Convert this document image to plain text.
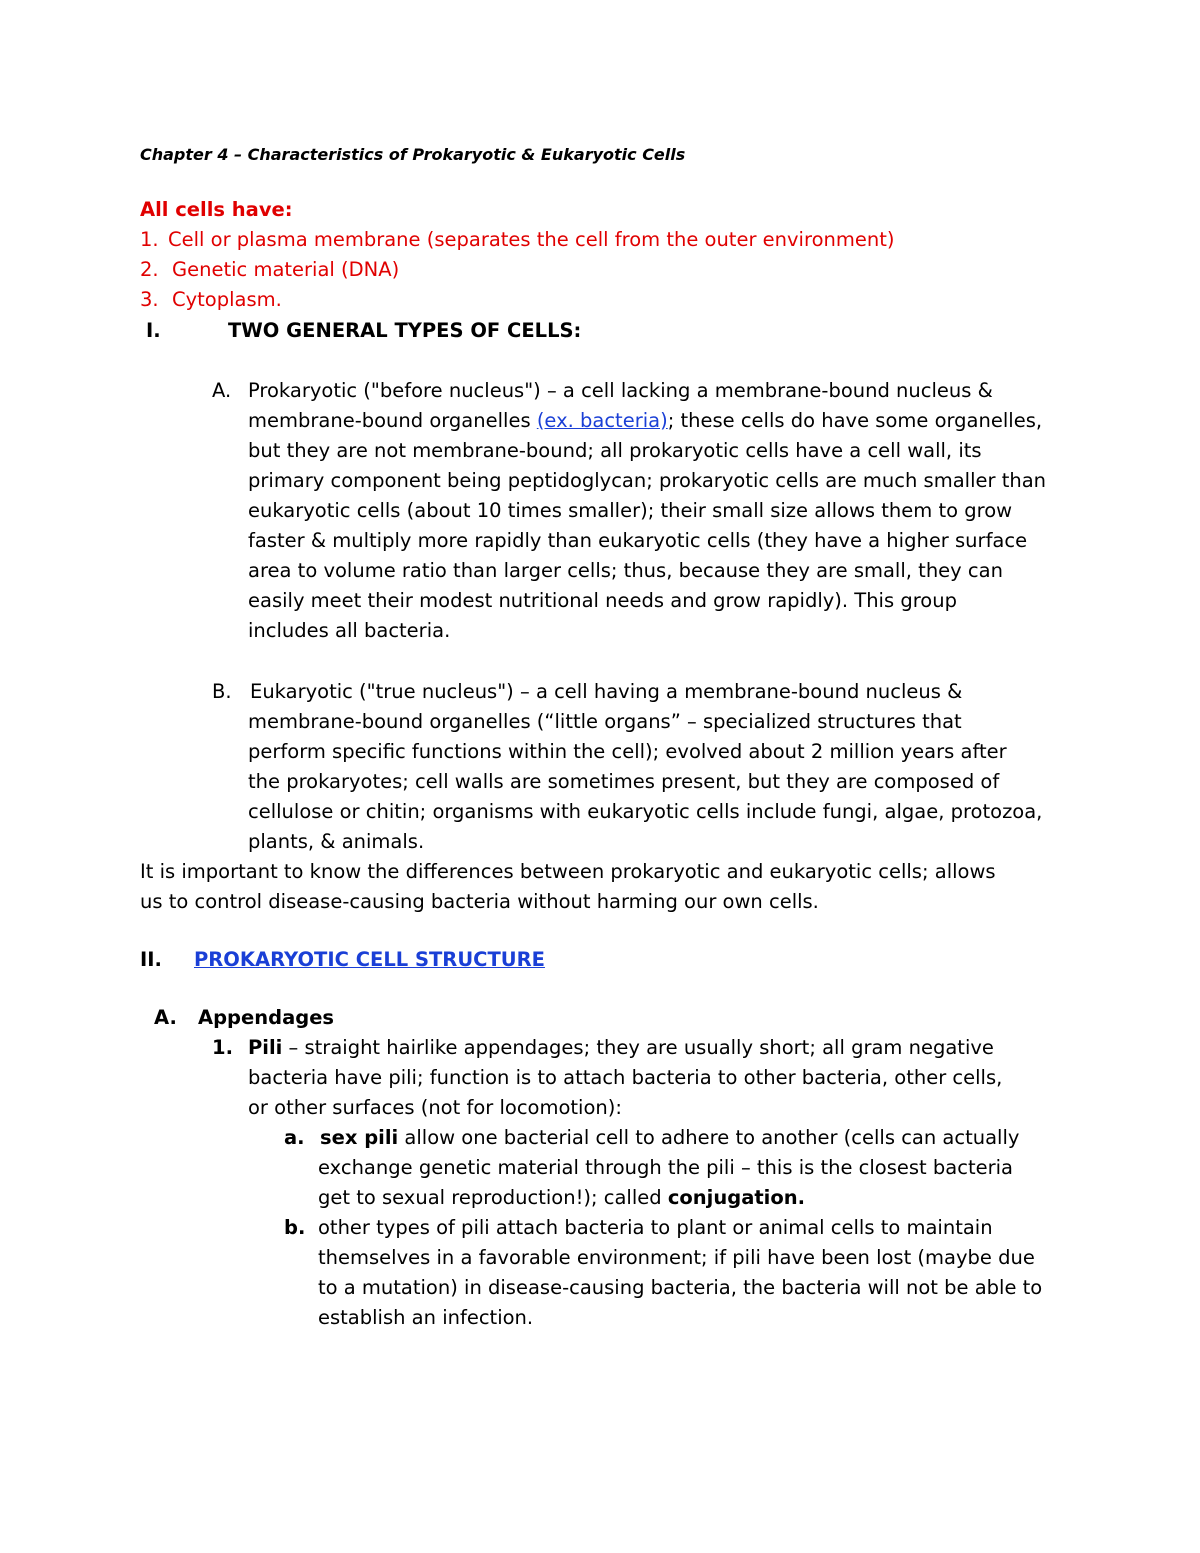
Chapter 4 – Characteristics of Prokaryotic & Eukaryotic Cells
All cells have:
1. Cell or plasma membrane (separates the cell from the outer environment)
2. Genetic material (DNA)
3. Cytoplasm.
I.	TWO GENERAL TYPES OF CELLS:
A. Prokaryotic ("before nucleus") – a cell lacking a membrane-bound nucleus &
membrane-bound organelles (ex. bacteria); these cells do have some organelles,
but they are not membrane-bound; all prokaryotic cells have a cell wall, its
primary component being peptidoglycan; prokaryotic cells are much smaller than
eukaryotic cells (about 10 times smaller); their small size allows them to grow
faster & multiply more rapidly than eukaryotic cells (they have a higher surface
area to volume ratio than larger cells; thus, because they are small, they can
easily meet their modest nutritional needs and grow rapidly). This group
includes all bacteria.
B. Eukaryotic ("true nucleus") – a cell having a membrane-bound nucleus &
membrane-bound organelles (“little organs” – specialized structures that
perform specific functions within the cell); evolved about 2 million years after
the prokaryotes; cell walls are sometimes present, but they are composed of
cellulose or chitin; organisms with eukaryotic cells include fungi, algae, protozoa,
plants, & animals.
It is important to know the differences between prokaryotic and eukaryotic cells; allows
us to control disease-causing bacteria without harming our own cells.
II. PROKARYOTIC CELL STRUCTURE
A. Appendages
1. Pili – straight hairlike appendages; they are usually short; all gram negative
bacteria have pili; function is to attach bacteria to other bacteria, other cells,
or other surfaces (not for locomotion):
a. sex pili allow one bacterial cell to adhere to another (cells can actually
exchange genetic material through the pili – this is the closest bacteria
get to sexual reproduction!); called conjugation.
b. other types of pili attach bacteria to plant or animal cells to maintain
themselves in a favorable environment; if pili have been lost (maybe due
to a mutation) in disease-causing bacteria, the bacteria will not be able to
establish an infection.
